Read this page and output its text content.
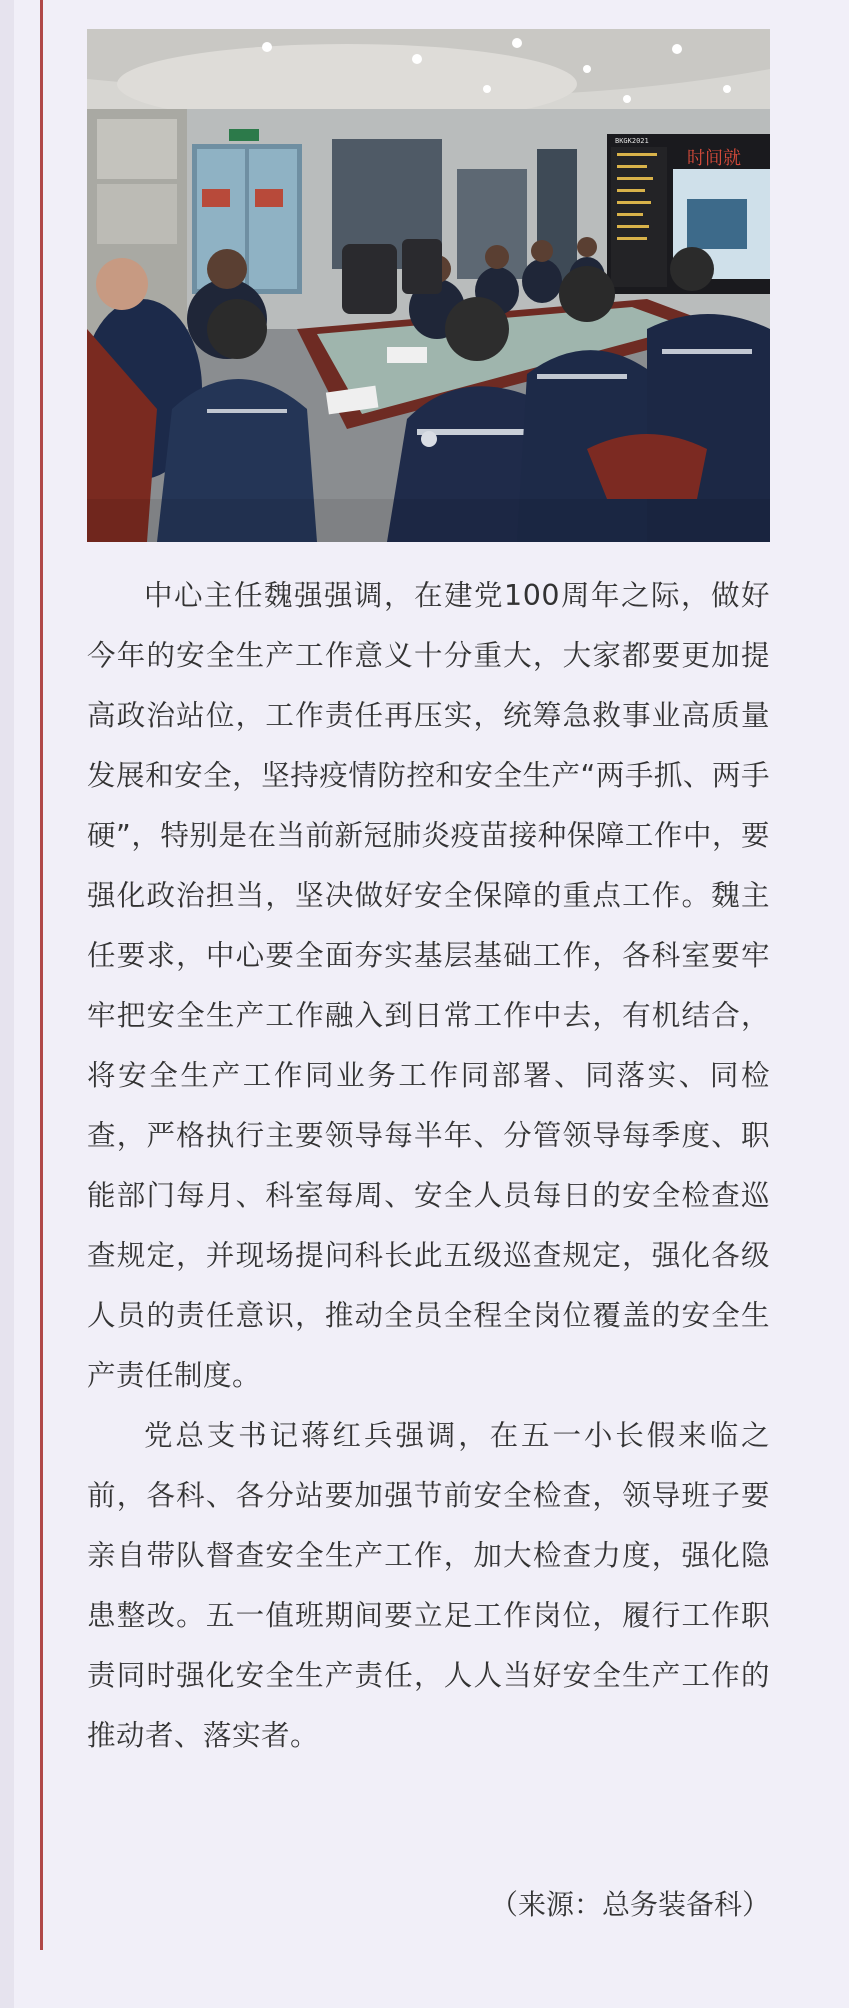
时间就
BKGK2021

中心主任魏强强调，在建党100周年之际，做好今年的安全生产工作意义十分重大，大家都要更加提高政治站位，工作责任再压实，统筹急救事业高质量发展和安全，坚持疫情防控和安全生产“两手抓、两手硬”，特别是在当前新冠肺炎疫苗接种保障工作中，要强化政治担当，坚决做好安全保障的重点工作。魏主任要求，中心要全面夯实基层基础工作，各科室要牢牢把安全生产工作融入到日常工作中去，有机结合，将安全生产工作同业务工作同部署、同落实、同检查，严格执行主要领导每半年、分管领导每季度、职能部门每月、科室每周、安全人员每日的安全检查巡查规定，并现场提问科长此五级巡查规定，强化各级人员的责任意识，推动全员全程全岗位覆盖的安全生产责任制度。

党总支书记蒋红兵强调，在五一小长假来临之前，各科、各分站要加强节前安全检查，领导班子要亲自带队督查安全生产工作，加大检查力度，强化隐患整改。五一值班期间要立足工作岗位，履行工作职责同时强化安全生产责任，人人当好安全生产工作的推动者、落实者。

（来源：总务装备科）
